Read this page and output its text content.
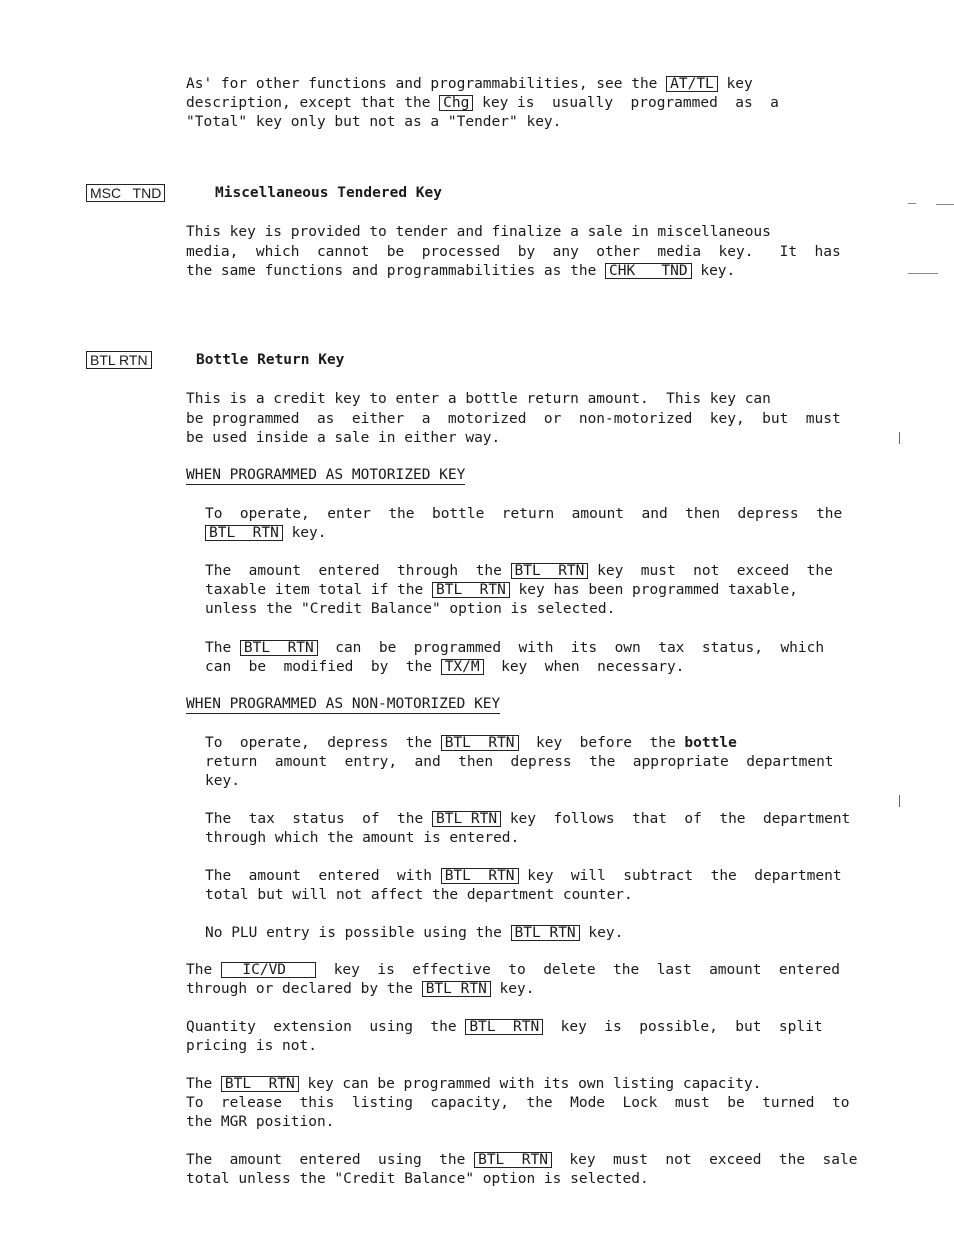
As' for other functions and programmabilities, see the AT/TL key
description, except that the Chg key is  usually  programmed  as  a
"Total" key only but not as a "Tender" key.
MSC   TND	Miscellaneous Tendered Key
This key is provided to tender and finalize a sale in miscellaneous
media,  which  cannot  be  processed  by  any  other  media  key.   It  has
the same functions and programmabilities as the CHK   TND key.
BTL RTN	Bottle Return Key
This is a credit key to enter a bottle return amount.  This key can
be programmed  as  either  a  motorized  or  non-motorized  key,  but  must
be used inside a sale in either way.
WHEN PROGRAMMED AS MOTORIZED KEY
To  operate,  enter  the  bottle  return  amount  and  then  depress  the
BTL  RTN key.
The  amount  entered  through  the BTL  RTN key  must  not  exceed  the
taxable item total if the BTL  RTN key has been programmed taxable,
unless the "Credit Balance" option is selected.
The BTL  RTN  can  be  programmed  with  its  own  tax  status,  which
can  be  modified  by  the TX/M  key  when  necessary.
WHEN PROGRAMMED AS NON-MOTORIZED KEY
To  operate,  depress  the BTL  RTN  key  before  the bottle
return  amount  entry,  and  then  depress  the  appropriate  department
key.
The  tax  status  of  the BTL RTN key  follows  that  of  the  department
through which the amount is entered.
The  amount  entered  with BTL  RTN key  will  subtract  the  department
total but will not affect the department counter.
No PLU entry is possible using the BTL RTN key.
The   IC/VD     key  is  effective  to  delete  the  last  amount  entered
through or declared by the BTL RTN key.
Quantity  extension  using  the BTL  RTN  key  is  possible,  but  split
pricing is not.
The BTL  RTN key can be programmed with its own listing capacity.
To  release  this  listing  capacity,  the  Mode  Lock  must  be  turned  to
the MGR position.
The  amount  entered  using  the BTL  RTN  key  must  not  exceed  the  sale
total unless the "Credit Balance" option is selected.
